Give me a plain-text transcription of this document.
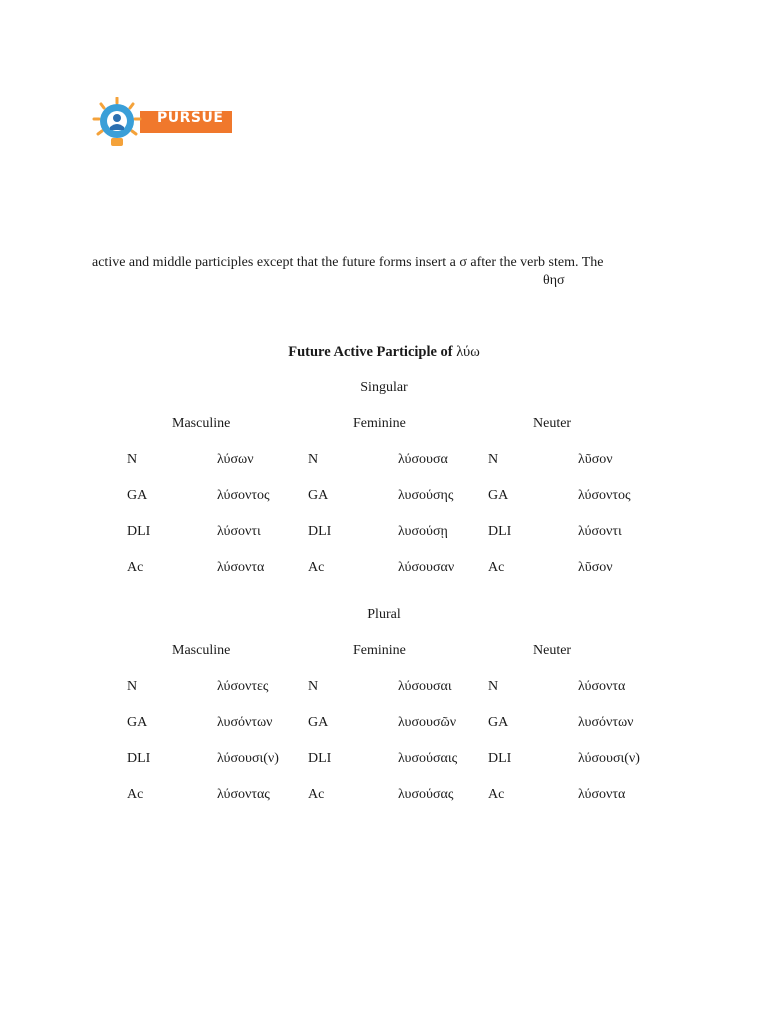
PURSUE
active and middle participles except that the future forms insert a σ after the verb stem. The
θησ
Future Active Participle of λύω
Singular
Masculine	Feminine	Neuter
N	λύσων	N	λύσουσα	N	λῦσον
GA	λύσοντος	GA	λυσούσης GA	λύσοντος
DLI	λύσοντι	DLI	λυσούσῃ	DLI	λύσοντι
Ac	λύσοντα	Ac	λύσουσαν Ac	λῦσον
Plural
Masculine	Feminine	Neuter
N	λύσοντες	N	λύσουσαι	N	λύσοντα
GA	λυσόντων	GA	λυσουσῶν GA	λυσόντων
DLI	λύσουσι(ν) DLI	λυσούσαις DLI	λύσουσι(ν)
Ac	λύσοντας	Ac	λυσούσας Ac	λύσοντα
